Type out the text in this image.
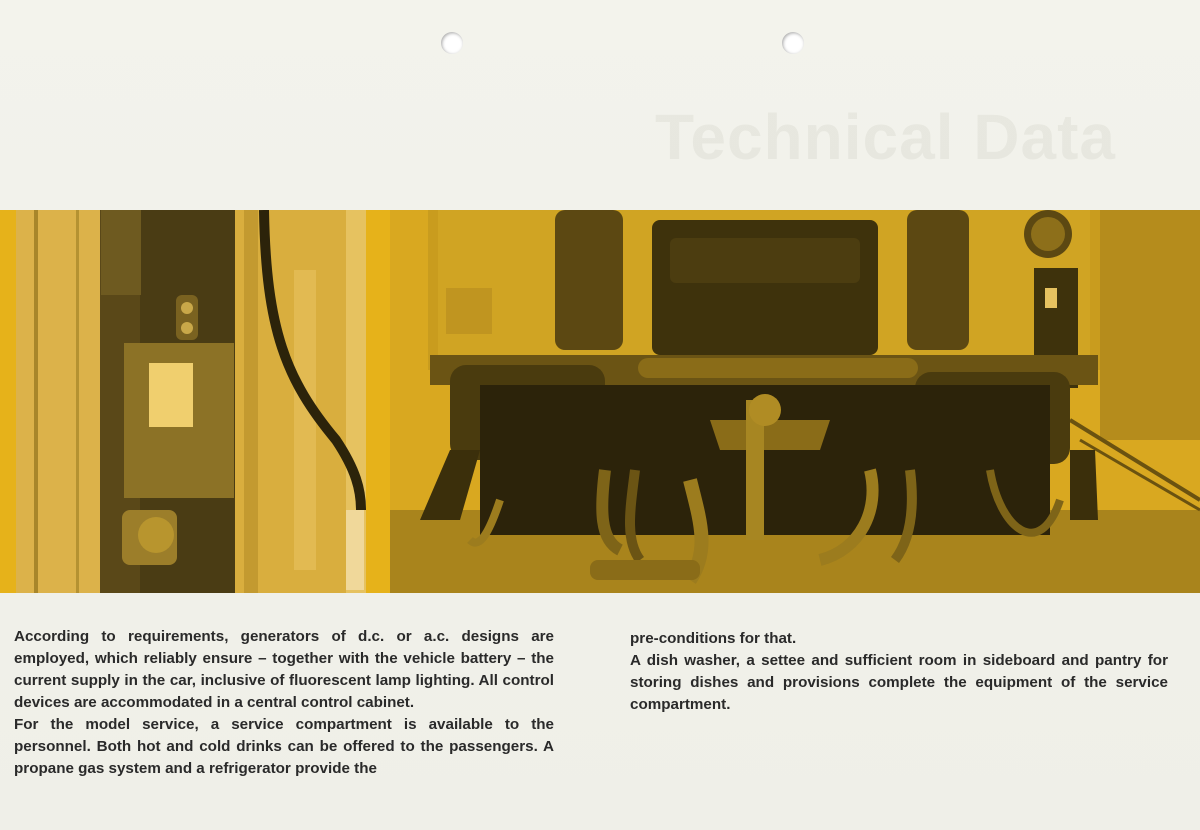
Technical Data

According to requirements, generators of d.c. or a.c. designs are employed, which reliably ensure – together with the vehicle battery – the current supply in the car, inclusive of fluorescent lamp lighting. All control devices are accommodated in a central control cabinet.

For the model service, a service compartment is available to the personnel. Both hot and cold drinks can be offered to the passengers. A propane gas system and a refrigerator provide the

pre-conditions for that.

A dish washer, a settee and sufficient room in sideboard and pantry for storing dishes and provisions complete the equipment of the service compartment.
